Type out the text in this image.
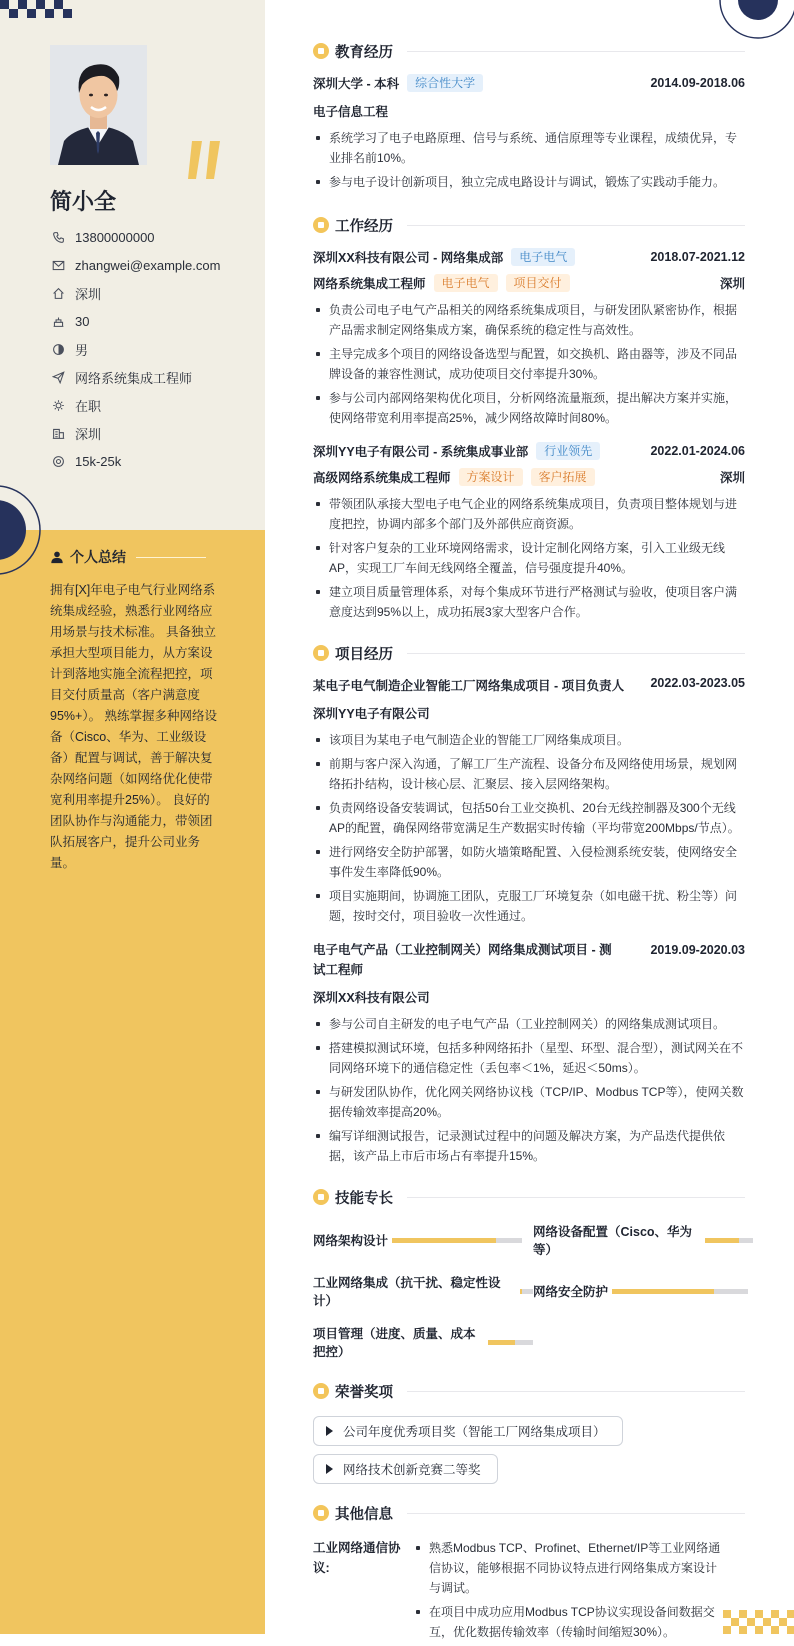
简小全
13800000000
zhangwei@example.com
深圳
30
男
网络系统集成工程师
在职
深圳
15k-25k
个人总结
拥有[X]年电子电气行业网络系统集成经验，熟悉行业网络应用场景与技术标准。 具备独立承担大型项目能力，从方案设计到落地实施全流程把控，项目交付质量高（客户满意度95%+）。 熟练掌握多种网络设备（Cisco、华为、工业级设备）配置与调试，善于解决复杂网络问题（如网络优化使带宽利用率提升25%）。 良好的团队协作与沟通能力，带领团队拓展客户，提升公司业务量。
教育经历
深圳大学 - 本科	综合性大学	2014.09-2018.06
电子信息工程
系统学习了电子电路原理、信号与系统、通信原理等专业课程，成绩优异，专业排名前10%。
参与电子设计创新项目，独立完成电路设计与调试，锻炼了实践动手能力。
工作经历
深圳XX科技有限公司 - 网络集成部	电子电气	2018.07-2021.12
网络系统集成工程师	电子电气	项目交付	深圳
负责公司电子电气产品相关的网络系统集成项目，与研发团队紧密协作，根据产品需求制定网络集成方案，确保系统的稳定性与高效性。
主导完成多个项目的网络设备选型与配置，如交换机、路由器等，涉及不同品牌设备的兼容性测试，成功使项目交付率提升30%。
参与公司内部网络架构优化项目，分析网络流量瓶颈，提出解决方案并实施，使网络带宽利用率提高25%，减少网络故障时间80%。
深圳YY电子有限公司 - 系统集成事业部	行业领先	2022.01-2024.06
高级网络系统集成工程师	方案设计	客户拓展	深圳
带领团队承接大型电子电气企业的网络系统集成项目，负责项目整体规划与进度把控，协调内部多个部门及外部供应商资源。
针对客户复杂的工业环境网络需求，设计定制化网络方案，引入工业级无线AP，实现工厂车间无线网络全覆盖，信号强度提升40%。
建立项目质量管理体系，对每个集成环节进行严格测试与验收，使项目客户满意度达到95%以上，成功拓展3家大型客户合作。
项目经历
某电子电气制造企业智能工厂网络集成项目 - 项目负责人 2022.03-2023.05
深圳YY电子有限公司
该项目为某电子电气制造企业的智能工厂网络集成项目。
前期与客户深入沟通，了解工厂生产流程、设备分布及网络使用场景，规划网络拓扑结构，设计核心层、汇聚层、接入层网络架构。
负责网络设备安装调试，包括50台工业交换机、20台无线控制器及300个无线AP的配置，确保网络带宽满足生产数据实时传输（平均带宽200Mbps/节点）。
进行网络安全防护部署，如防火墙策略配置、入侵检测系统安装，使网络安全事件发生率降低90%。
项目实施期间，协调施工团队，克服工厂环境复杂（如电磁干扰、粉尘等）问题，按时交付，项目验收一次性通过。
电子电气产品（工业控制网关）网络集成测试项目 - 测试工程师
2019.09-2020.03
深圳XX科技有限公司
参与公司自主研发的电子电气产品（工业控制网关）的网络集成测试项目。
搭建模拟测试环境，包括多种网络拓扑（星型、环型、混合型），测试网关在不同网络环境下的通信稳定性（丢包率＜1%，延迟＜50ms）。
与研发团队协作，优化网关网络协议栈（TCP/IP、Modbus TCP等），使网关数据传输效率提高20%。
编写详细测试报告，记录测试过程中的问题及解决方案，为产品迭代提供依据，该产品上市后市场占有率提升15%。
技能专长
网络架构设计
网络设备配置（Cisco、华为等）
工业网络集成（抗干扰、稳定性设计）
网络安全防护
项目管理（进度、质量、成本把控）
荣誉奖项
公司年度优秀项目奖（智能工厂网络集成项目）
网络技术创新竞赛二等奖
其他信息
工业网络通信协议:
熟悉Modbus TCP、Profinet、Ethernet/IP等工业网络通信协议，能够根据不同协议特点进行网络集成方案设计与调试。
在项目中成功应用Modbus TCP协议实现设备间数据交互，优化数据传输效率（传输时间缩短30%）。
